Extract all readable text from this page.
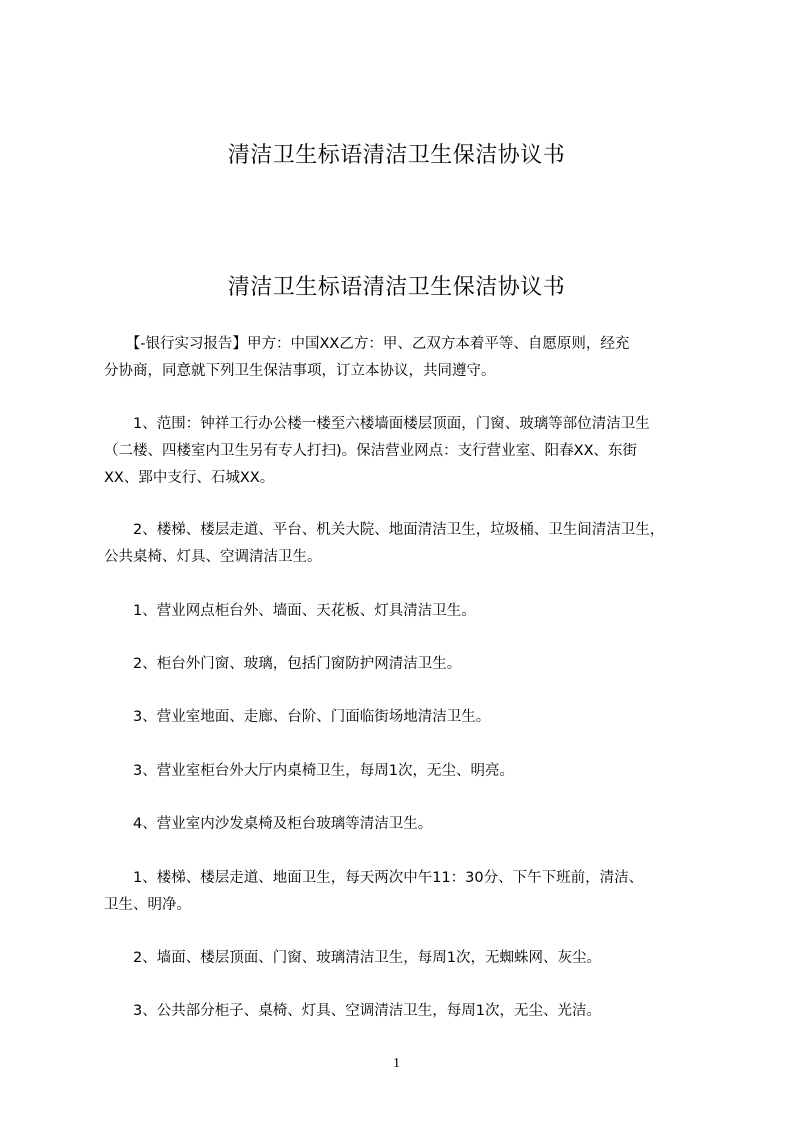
清洁卫生标语清洁卫生保洁协议书
清洁卫生标语清洁卫生保洁协议书

　　【-银行实习报告】甲方：中国XX乙方：甲、乙双方本着平等、自愿原则，经充
分协商，同意就下列卫生保洁事项，订立本协议，共同遵守。

　　1、范围：钟祥工行办公楼一楼至六楼墙面楼层顶面，门窗、玻璃等部位清洁卫生
（二楼、四楼室内卫生另有专人打扫)。保洁营业网点：支行营业室、阳春XX、东街
XX、郢中支行、石城XX。

　　2、楼梯、楼层走道、平台、机关大院、地面清洁卫生，垃圾桶、卫生间清洁卫生，
公共桌椅、灯具、空调清洁卫生。

　　1、营业网点柜台外、墙面、天花板、灯具清洁卫生。

　　2、柜台外门窗、玻璃，包括门窗防护网清洁卫生。

　　3、营业室地面、走廊、台阶、门面临街场地清洁卫生。

　　3、营业室柜台外大厅内桌椅卫生，每周1次，无尘、明亮。

　　4、营业室内沙发桌椅及柜台玻璃等清洁卫生。

　　1、楼梯、楼层走道、地面卫生，每天两次中午11：30分、下午下班前，清洁、
卫生、明净。

　　2、墙面、楼层顶面、门窗、玻璃清洁卫生，每周1次，无蜘蛛网、灰尘。

　　3、公共部分柜子、桌椅、灯具、空调清洁卫生，每周1次，无尘、光洁。

1
